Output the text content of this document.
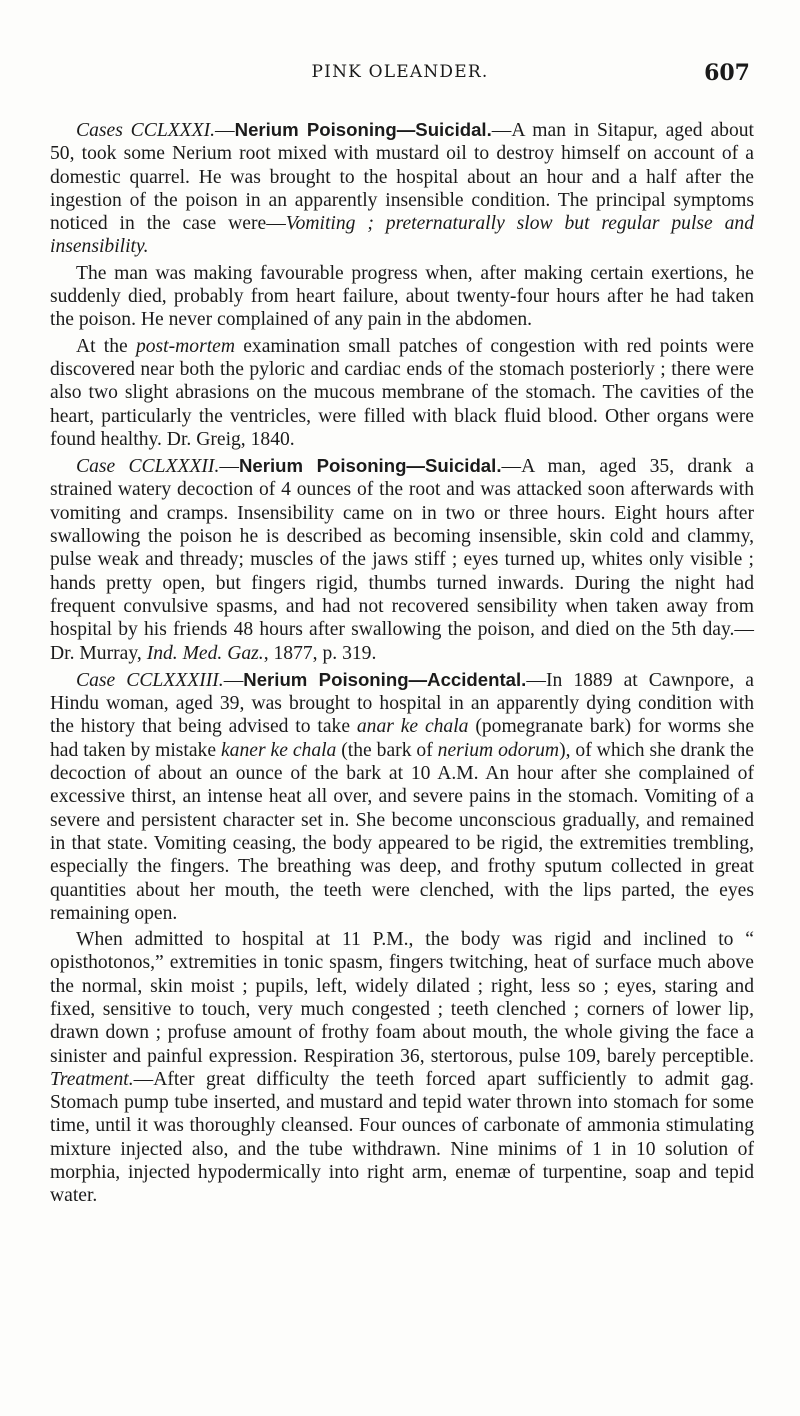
PINK OLEANDER.	607

Cases CCLXXXI.—Nerium Poisoning—Suicidal.—A man in Sitapur, aged about 50, took some Nerium root mixed with mustard oil to destroy himself on account of a domestic quarrel. He was brought to the hospital about an hour and a half after the ingestion of the poison in an apparently insensible condition. The principal symptoms noticed in the case were—Vomiting ; preternaturally slow but regular pulse and insensibility.

The man was making favourable progress when, after making certain exertions, he suddenly died, probably from heart failure, about twenty-four hours after he had taken the poison. He never complained of any pain in the abdomen.

At the post-mortem examination small patches of congestion with red points were discovered near both the pyloric and cardiac ends of the stomach posteriorly ; there were also two slight abrasions on the mucous membrane of the stomach. The cavities of the heart, particularly the ventricles, were filled with black fluid blood. Other organs were found healthy. Dr. Greig, 1840.

Case CCLXXXII.—Nerium Poisoning—Suicidal.—A man, aged 35, drank a strained watery decoction of 4 ounces of the root and was attacked soon afterwards with vomiting and cramps. Insensibility came on in two or three hours. Eight hours after swallowing the poison he is described as becoming insensible, skin cold and clammy, pulse weak and thready; muscles of the jaws stiff ; eyes turned up, whites only visible ; hands pretty open, but fingers rigid, thumbs turned inwards. During the night had frequent convulsive spasms, and had not recovered sensibility when taken away from hospital by his friends 48 hours after swallowing the poison, and died on the 5th day.—Dr. Murray, Ind. Med. Gaz., 1877, p. 319.

Case CCLXXXIII.—Nerium Poisoning—Accidental.—In 1889 at Cawnpore, a Hindu woman, aged 39, was brought to hospital in an apparently dying condition with the history that being advised to take anar ke chala (pomegranate bark) for worms she had taken by mistake kaner ke chala (the bark of nerium odorum), of which she drank the decoction of about an ounce of the bark at 10 A.M. An hour after she complained of excessive thirst, an intense heat all over, and severe pains in the stomach. Vomiting of a severe and persistent character set in. She become unconscious gradually, and remained in that state. Vomiting ceasing, the body appeared to be rigid, the extremities trembling, especially the fingers. The breathing was deep, and frothy sputum collected in great quantities about her mouth, the teeth were clenched, with the lips parted, the eyes remaining open.

When admitted to hospital at 11 P.M., the body was rigid and inclined to “ opisthotonos,” extremities in tonic spasm, fingers twitching, heat of surface much above the normal, skin moist ; pupils, left, widely dilated ; right, less so ; eyes, staring and fixed, sensitive to touch, very much congested ; teeth clenched ; corners of lower lip, drawn down ; profuse amount of frothy foam about mouth, the whole giving the face a sinister and painful expression. Respiration 36, stertorous, pulse 109, barely perceptible. Treatment.—After great difficulty the teeth forced apart sufficiently to admit gag. Stomach pump tube inserted, and mustard and tepid water thrown into stomach for some time, until it was thoroughly cleansed. Four ounces of carbonate of ammonia stimulating mixture injected also, and the tube withdrawn. Nine minims of 1 in 10 solution of morphia, injected hypodermically into right arm, enemæ of turpentine, soap and tepid water.
